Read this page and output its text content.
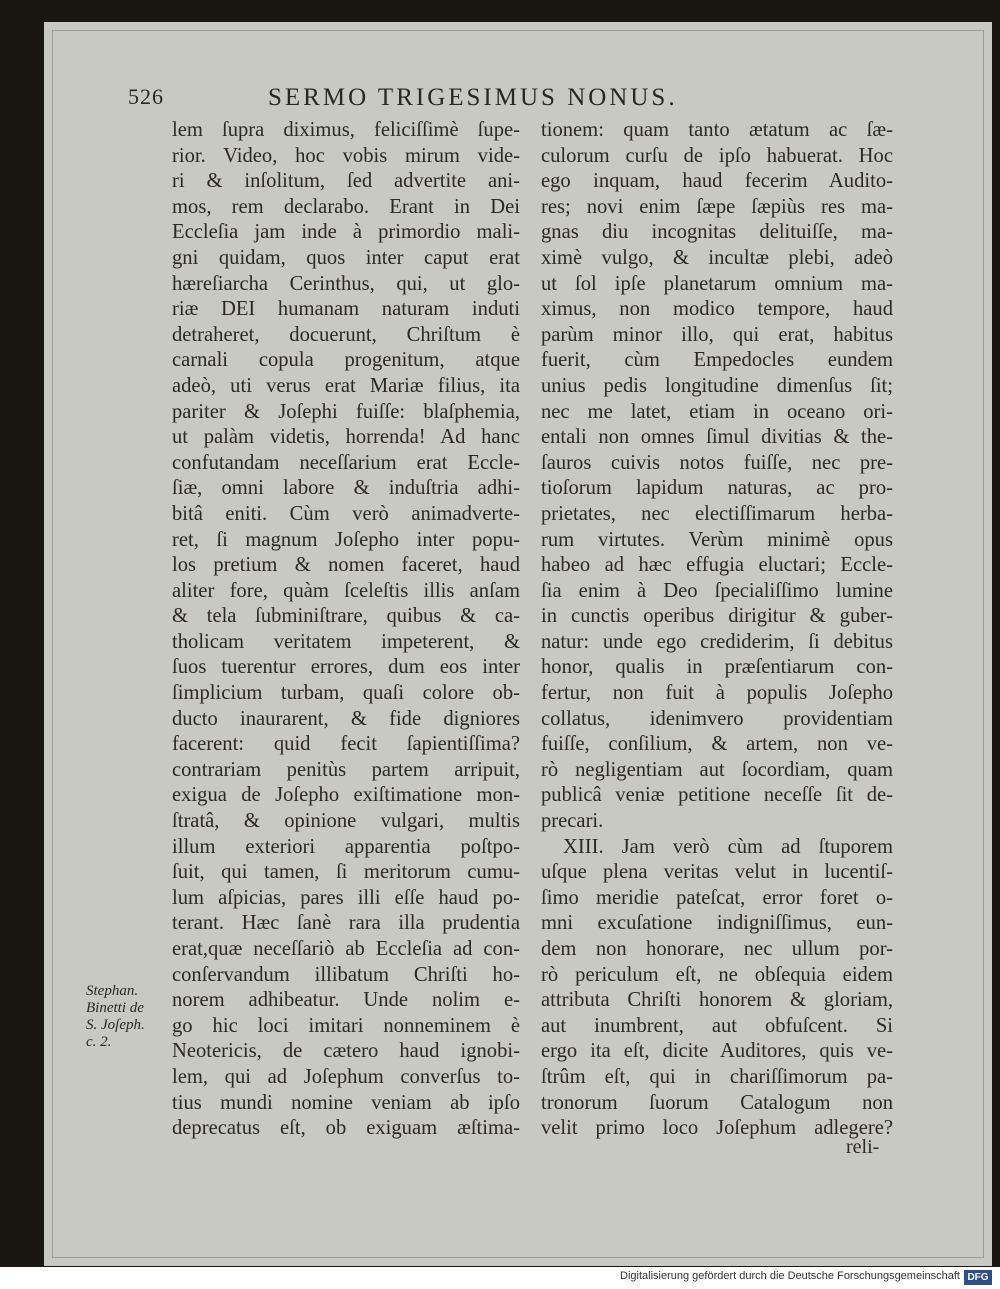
526	SERMO TRIGESIMUS NONUS.
lem ſupra diximus, feliciſſimè ſupe-
rior. Video, hoc vobis mirum vide-
ri & inſolitum, ſed advertite ani-
mos, rem declarabo. Erant in Dei
Eccleſia jam inde à primordio mali-
gni quidam, quos inter caput erat
hæreſiarcha Cerinthus, qui, ut glo-
riæ DEI humanam naturam induti
detraheret, docuerunt, Chriſtum è
carnali copula progenitum, atque
adeò, uti verus erat Mariæ filius, ita
pariter & Joſephi fuiſſe: blaſphemia,
ut palàm videtis, horrenda! Ad hanc
confutandam neceſſarium erat Eccle-
ſiæ, omni labore & induſtria adhi-
bitâ eniti. Cùm verò animadverte-
ret, ſi magnum Joſepho inter popu-
los pretium & nomen faceret, haud
aliter fore, quàm ſceleſtis illis anſam
& tela ſubminiſtrare, quibus & ca-
tholicam veritatem impeterent, &
ſuos tuerentur errores, dum eos inter
ſimplicium turbam, quaſi colore ob-
ducto inaurarent, & fide digniores
facerent: quid fecit ſapientiſſima?
contrariam penitùs partem arripuit,
exigua de Joſepho exiſtimatione mon-
ſtratâ, & opinione vulgari, multis
illum exteriori apparentia poſtpo-
ſuit, qui tamen, ſi meritorum cumu-
lum aſpicias, pares illi eſſe haud po-
terant. Hæc ſanè rara illa prudentia
erat,quæ neceſſariò ab Eccleſia ad con-
conſervandum illibatum Chriſti ho-
norem adhibeatur. Unde nolim e-
go hic loci imitari nonneminem è
Neotericis, de cætero haud ignobi-
lem, qui ad Joſephum converſus to-
tius mundi nomine veniam ab ipſo
deprecatus eſt, ob exiguam æſtima-
tionem: quam tanto ætatum ac ſæ-
culorum curſu de ipſo habuerat. Hoc
ego inquam, haud fecerim Audito-
res; novi enim ſæpe ſæpiùs res ma-
gnas diu incognitas delituiſſe, ma-
ximè vulgo, & incultæ plebi, adeò
ut ſol ipſe planetarum omnium ma-
ximus, non modico tempore, haud
parùm minor illo, qui erat, habitus
fuerit, cùm Empedocles eundem
unius pedis longitudine dimenſus ſit;
nec me latet, etiam in oceano ori-
entali non omnes ſimul divitias & the-
ſauros cuivis notos fuiſſe, nec pre-
tioſorum lapidum naturas, ac pro-
prietates, nec electiſſimarum herba-
rum virtutes. Verùm minimè opus
habeo ad hæc effugia eluctari; Eccle-
ſia enim à Deo ſpecialiſſimo lumine
in cunctis operibus dirigitur & guber-
natur: unde ego crediderim, ſi debitus
honor, qualis in præſentiarum con-
fertur, non fuit à populis Joſepho
collatus, idenimvero providentiam
fuiſſe, conſilium, & artem, non ve-
rò negligentiam aut ſocordiam, quam
publicâ veniæ petitione neceſſe ſit de-
precari.
XIII. Jam verò cùm ad ſtuporem
uſque plena veritas velut in lucentiſ-
ſimo meridie pateſcat, error foret o-
mni excuſatione indigniſſimus, eun-
dem non honorare, nec ullum por-
rò periculum eſt, ne obſequia eidem
attributa Chriſti honorem & gloriam,
aut inumbrent, aut obfuſcent. Si
ergo ita eſt, dicite Auditores, quis ve-
ſtrûm eſt, qui in chariſſimorum pa-
tronorum ſuorum Catalogum non
velit primo loco Joſephum adlegere?
Stephan.
Binetti de
S. Joſeph.
c. 2.
reli-
Digitalisierung gefördert durch die Deutsche Forschungsgemeinschaft DFG
